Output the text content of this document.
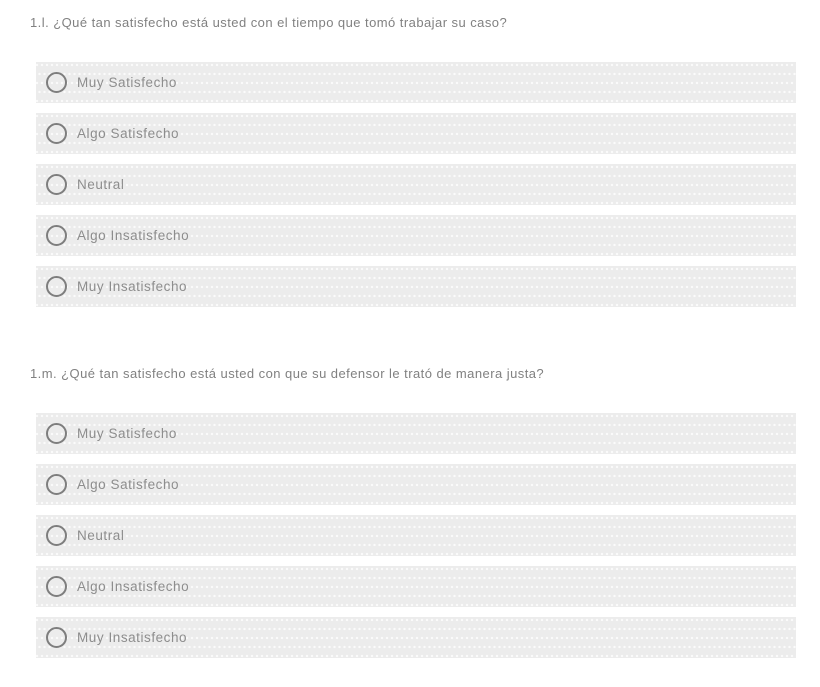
1.l. ¿Qué tan satisfecho está usted con el tiempo que tomó trabajar su caso?

Muy Satisfecho
Algo Satisfecho
Neutral
Algo Insatisfecho
Muy Insatisfecho

1.m. ¿Qué tan satisfecho está usted con que su defensor le trató de manera justa?

Muy Satisfecho
Algo Satisfecho
Neutral
Algo Insatisfecho
Muy Insatisfecho
